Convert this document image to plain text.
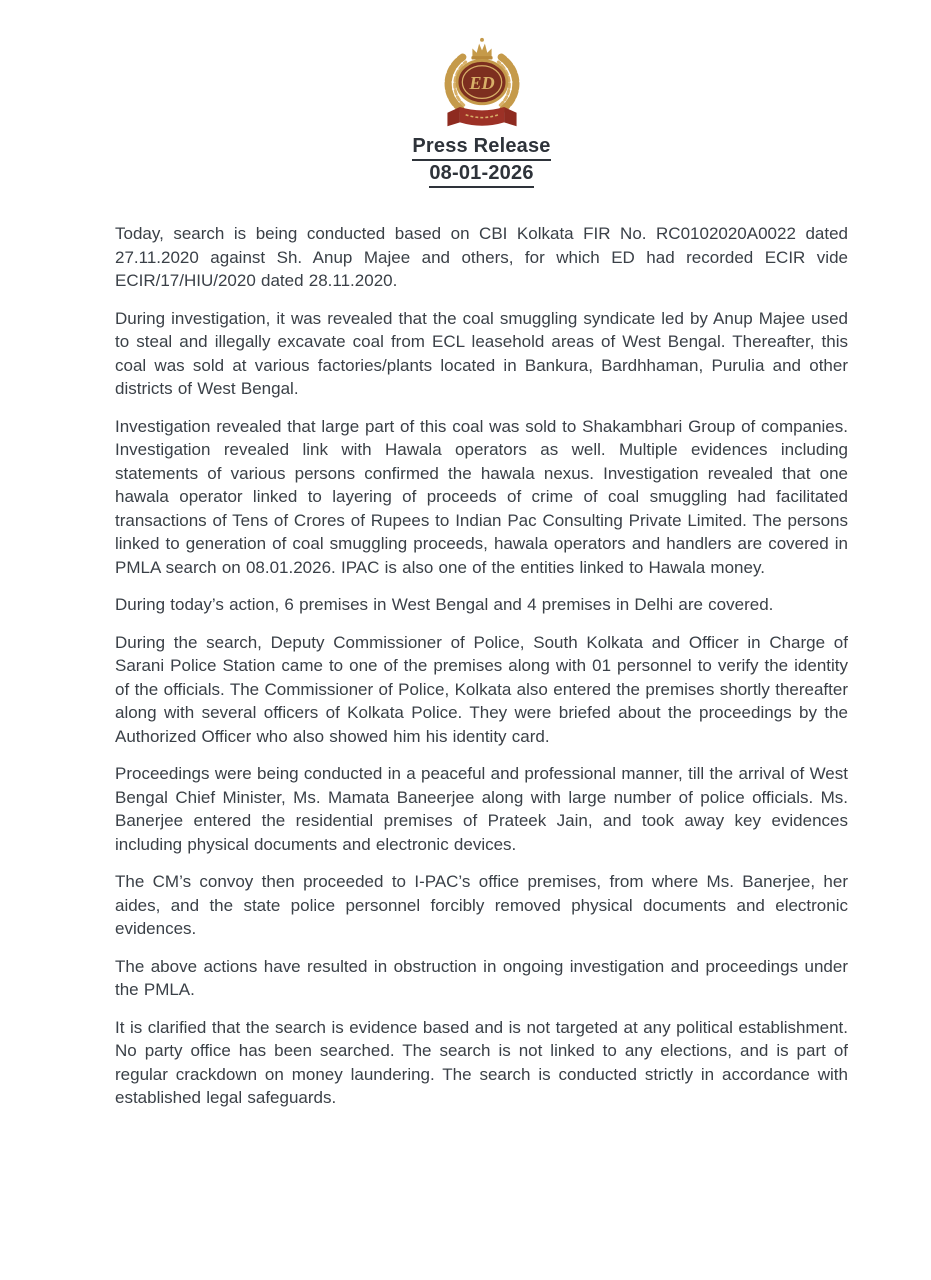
ED
Press Release
08-01-2026

Today, search is being conducted based on CBI Kolkata FIR No. RC0102020A0022 dated 27.11.2020 against Sh. Anup Majee and others, for which ED had recorded ECIR vide ECIR/17/HIU/2020 dated 28.11.2020.

During investigation, it was revealed that the coal smuggling syndicate led by Anup Majee used to steal and illegally excavate coal from ECL leasehold areas of West Bengal. Thereafter, this coal was sold at various factories/plants located in Bankura, Bardhhaman, Purulia and other districts of West Bengal.

Investigation revealed that large part of this coal was sold to Shakambhari Group of companies. Investigation revealed link with Hawala operators as well. Multiple evidences including statements of various persons confirmed the hawala nexus. Investigation revealed that one hawala operator linked to layering of proceeds of crime of coal smuggling had facilitated transactions of Tens of Crores of Rupees to Indian Pac Consulting Private Limited. The persons linked to generation of coal smuggling proceeds, hawala operators and handlers are covered in PMLA search on 08.01.2026. IPAC is also one of the entities linked to Hawala money.

During today’s action, 6 premises in West Bengal and 4 premises in Delhi are covered.

During the search, Deputy Commissioner of Police, South Kolkata and Officer in Charge of Sarani Police Station came to one of the premises along with 01 personnel to verify the identity of the officials. The Commissioner of Police, Kolkata also entered the premises shortly thereafter along with several officers of Kolkata Police. They were briefed about the proceedings by the Authorized Officer who also showed him his identity card.

Proceedings were being conducted in a peaceful and professional manner, till the arrival of West Bengal Chief Minister, Ms. Mamata Baneerjee along with large number of police officials. Ms. Banerjee entered the residential premises of Prateek Jain, and took away key evidences including physical documents and electronic devices.

The CM’s convoy then proceeded to I-PAC’s office premises, from where Ms. Banerjee, her aides, and the state police personnel forcibly removed physical documents and electronic evidences.

The above actions have resulted in obstruction in ongoing investigation and proceedings under the PMLA.

It is clarified that the search is evidence based and is not targeted at any political establishment. No party office has been searched. The search is not linked to any elections, and is part of regular crackdown on money laundering. The search is conducted strictly in accordance with established legal safeguards.
